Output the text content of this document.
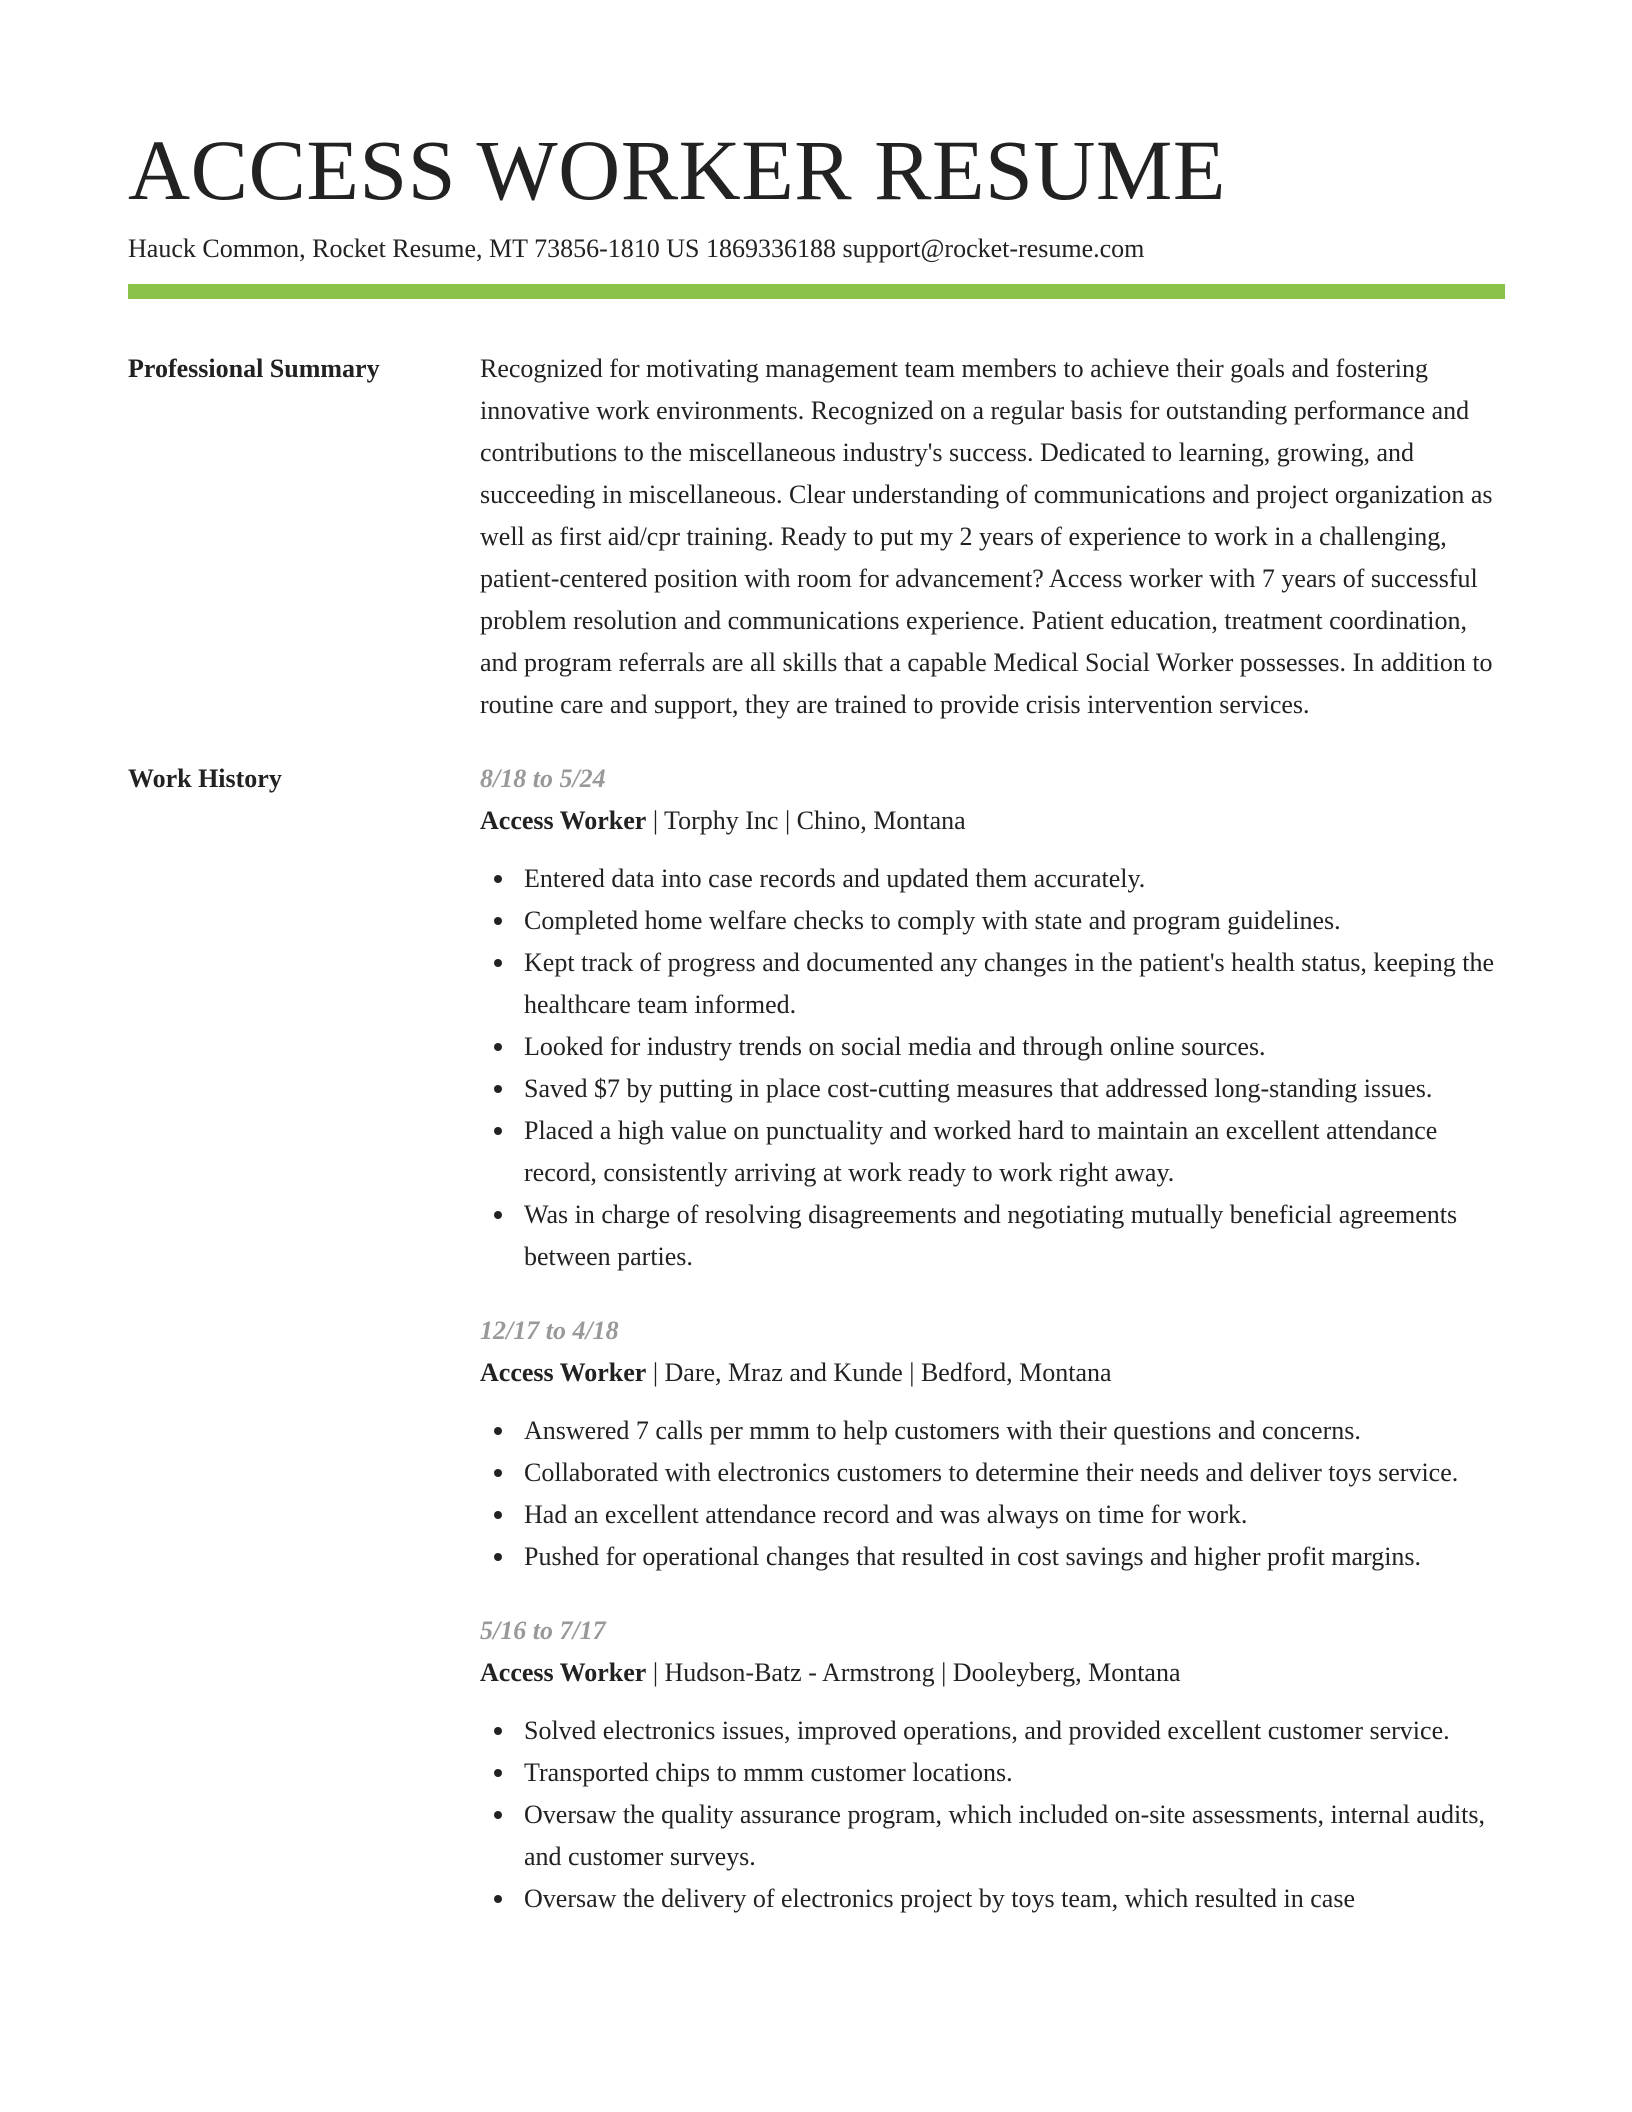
ACCESS WORKER RESUME
Hauck Common, Rocket Resume, MT 73856-1810 US 1869336188 support@rocket-resume.com
Professional Summary	Recognized for motivating management team members to achieve their goals and fostering innovative work environments. Recognized on a regular basis for outstanding performance and contributions to the miscellaneous industry's success. Dedicated to learning, growing, and succeeding in miscellaneous. Clear understanding of communications and project organization as well as first aid/cpr training. Ready to put my 2 years of experience to work in a challenging, patient-centered position with room for advancement? Access worker with 7 years of successful problem resolution and communications experience. Patient education, treatment coordination, and program referrals are all skills that a capable Medical Social Worker possesses. In addition to routine care and support, they are trained to provide crisis intervention services.

Work History	8/18 to 5/24
Access Worker | Torphy Inc | Chino, Montana
Entered data into case records and updated them accurately.
Completed home welfare checks to comply with state and program guidelines.
Kept track of progress and documented any changes in the patient's health status, keeping the healthcare team informed.
Looked for industry trends on social media and through online sources.
Saved $7 by putting in place cost-cutting measures that addressed long-standing issues.
Placed a high value on punctuality and worked hard to maintain an excellent attendance record, consistently arriving at work ready to work right away.
Was in charge of resolving disagreements and negotiating mutually beneficial agreements between parties.
12/17 to 4/18
Access Worker | Dare, Mraz and Kunde | Bedford, Montana
Answered 7 calls per mmm to help customers with their questions and concerns.
Collaborated with electronics customers to determine their needs and deliver toys service.
Had an excellent attendance record and was always on time for work.
Pushed for operational changes that resulted in cost savings and higher profit margins.
5/16 to 7/17
Access Worker | Hudson-Batz - Armstrong | Dooleyberg, Montana
Solved electronics issues, improved operations, and provided excellent customer service.
Transported chips to mmm customer locations.
Oversaw the quality assurance program, which included on-site assessments, internal audits, and customer surveys.
Oversaw the delivery of electronics project by toys team, which resulted in case
